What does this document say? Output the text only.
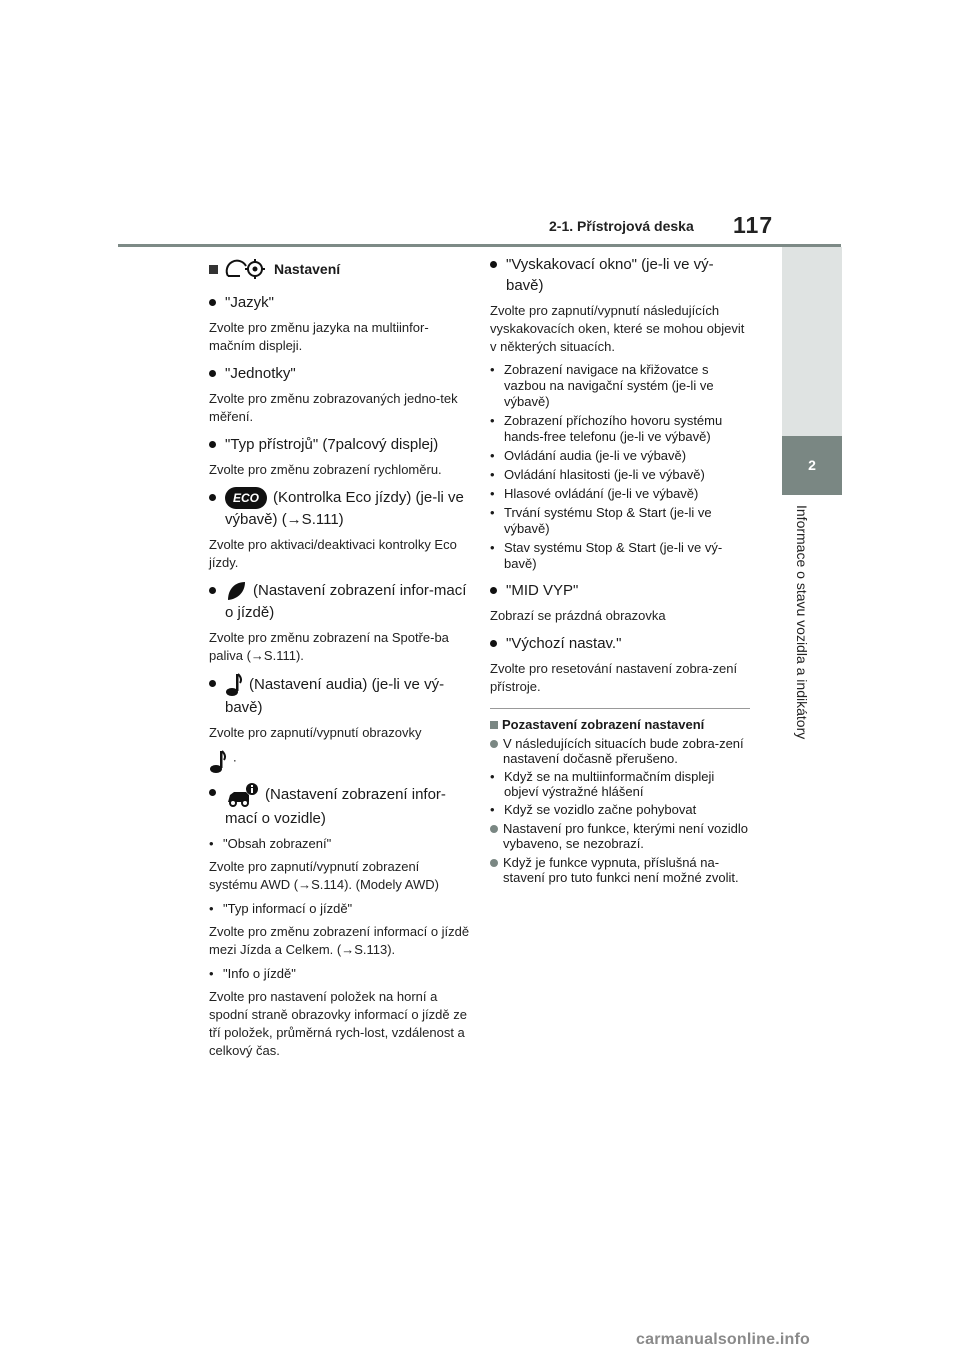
2-1. Přístrojová deska 117
2
Informace o stavu vozidla a indikátory
Nastavení
"Jazyk"
Zvolte pro změnu jazyka na multiinfor-mačním displeji.
"Jednotky"
Zvolte pro změnu zobrazovaných jedno-tek měření.
"Typ přístrojů" (7palcový displej)
Zvolte pro změnu zobrazení rychloměru.
ECO (Kontrolka Eco jízdy) (je-li ve výbavě) (→S.111)
Zvolte pro aktivaci/deaktivaci kontrolky Eco jízdy.
(Nastavení zobrazení infor-mací o jízdě)
Zvolte pro změnu zobrazení na Spotře-ba paliva (→S.111).
(Nastavení audia) (je-li ve vý-bavě)
Zvolte pro zapnutí/vypnutí obrazovky
.
(Nastavení zobrazení infor-mací o vozidle)
• "Obsah zobrazení"
Zvolte pro zapnutí/vypnutí zobrazení systému AWD (→S.114). (Modely AWD)
• "Typ informací o jízdě"
Zvolte pro změnu zobrazení informací o jízdě mezi Jízda a Celkem. (→S.113).
• "Info o jízdě"
Zvolte pro nastavení položek na horní a spodní straně obrazovky informací o jízdě ze tří položek, průměrná rych-lost, vzdálenost a celkový čas.
"Vyskakovací okno" (je-li ve vý-bavě)
Zvolte pro zapnutí/vypnutí následujících vyskakovacích oken, které se mohou objevit v některých situacích.
• Zobrazení navigace na křižovatce s vazbou na navigační systém (je-li ve výbavě)
• Zobrazení příchozího hovoru systému hands-free telefonu (je-li ve výbavě)
• Ovládání audia (je-li ve výbavě)
• Ovládání hlasitosti (je-li ve výbavě)
• Hlasové ovládání (je-li ve výbavě)
• Trvání systému Stop & Start (je-li ve výbavě)
• Stav systému Stop & Start (je-li ve vý-bavě)
"MID VYP"
Zobrazí se prázdná obrazovka
"Výchozí nastav."
Zvolte pro resetování nastavení zobra-zení přístroje.
Pozastavení zobrazení nastavení
V následujících situacích bude zobra-zení nastavení dočasně přerušeno.
• Když se na multiinformačním displeji objeví výstražné hlášení
• Když se vozidlo začne pohybovat
Nastavení pro funkce, kterými není vozidlo vybaveno, se nezobrazí.
Když je funkce vypnuta, příslušná na-stavení pro tuto funkci není možné zvolit.
carmanualsonline.info
